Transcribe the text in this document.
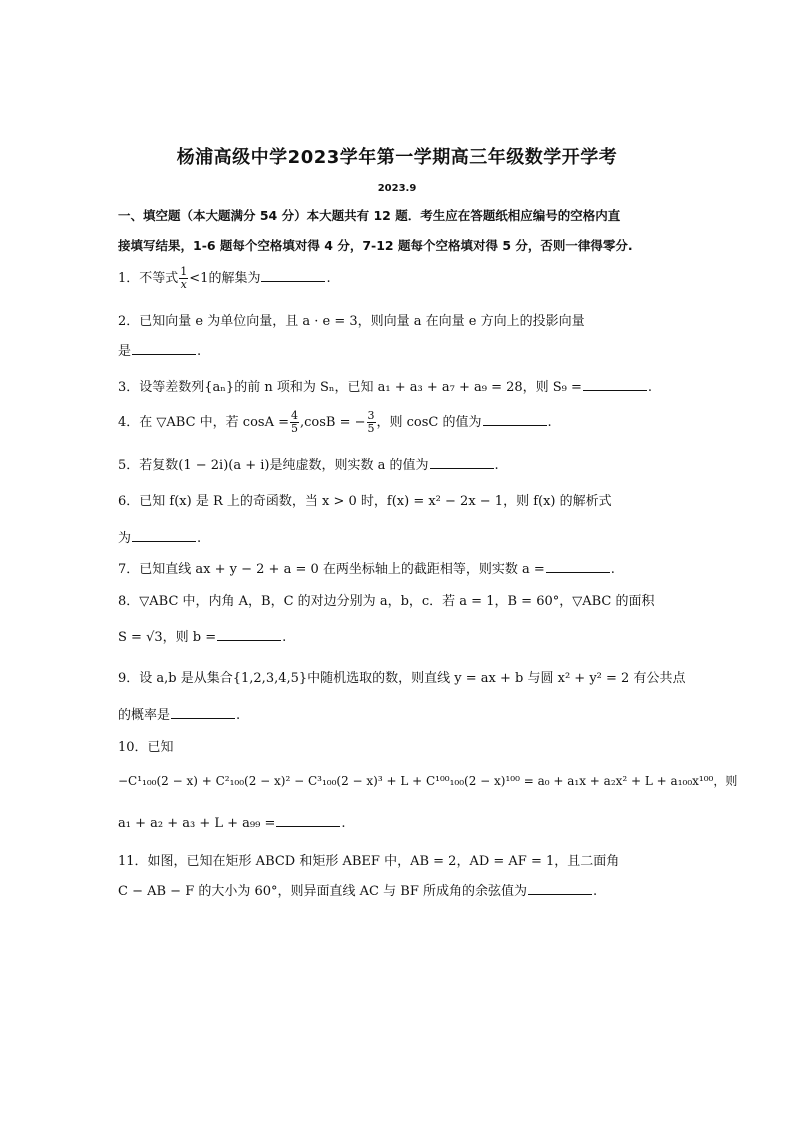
杨浦高级中学2023学年第一学期高三年级数学开学考
2023.9
一、填空题（本大题满分 54 分）本大题共有 12 题．考生应在答题纸相应编号的空格内直
接填写结果，1-6 题每个空格填对得 4 分，7-12 题每个空格填对得 5 分，否则一律得零分.
1．不等式 $\frac{1}{x} <1$的解集为	.
2．已知向量 e 为单位向量，且 a · e = 3，则向量 a 在向量 e 方向上的投影向量
是	.
3．设等差数列{aₙ}的前 n 项和为 Sₙ，已知 a₁ + a₃ + a₇ + a₉ = 28，则 S₉ =	.
4．在 ▽ABC 中，若 $\cos A = \frac{4}{5} ,\cos B$ = − $\frac{3}{5}$ ，则 cosC 的值为	.
5．若复数(1 − 2i)(a + i)是纯虚数，则实数 a 的值为	.
6．已知 f(x) 是 R 上的奇函数，当 x > 0 时，f(x) = x² − 2x − 1，则 f(x) 的解析式
为	.
7．已知直线 ax + y − 2 + a = 0 在两坐标轴上的截距相等，则实数 a =	.
8．▽ABC 中，内角 A，B，C 的对边分别为 a，b，c．若 a = 1，B = 60°，▽ABC 的面积
S = √3，则 b =	.
9．设 a,b 是从集合{1,2,3,4,5}中随机选取的数，则直线 y = ax + b 与圆 x² + y² = 2 有公共点
的概率是	.
10．已知
−C¹₁₀₀(2 − x) + C²₁₀₀(2 − x)² − C³₁₀₀(2 − x)³ + L + C¹⁰⁰₁₀₀(2 − x)¹⁰⁰ = a₀ + a₁x + a₂x² + L + a₁₀₀x¹⁰⁰，则
a₁ + a₂ + a₃ + L + a₉₉ =	.
11．如图，已知在矩形 ABCD 和矩形 ABEF 中，AB = 2，AD = AF = 1，且二面角
C − AB − F 的大小为 60°，则异面直线 AC 与 BF 所成角的余弦值为	.
